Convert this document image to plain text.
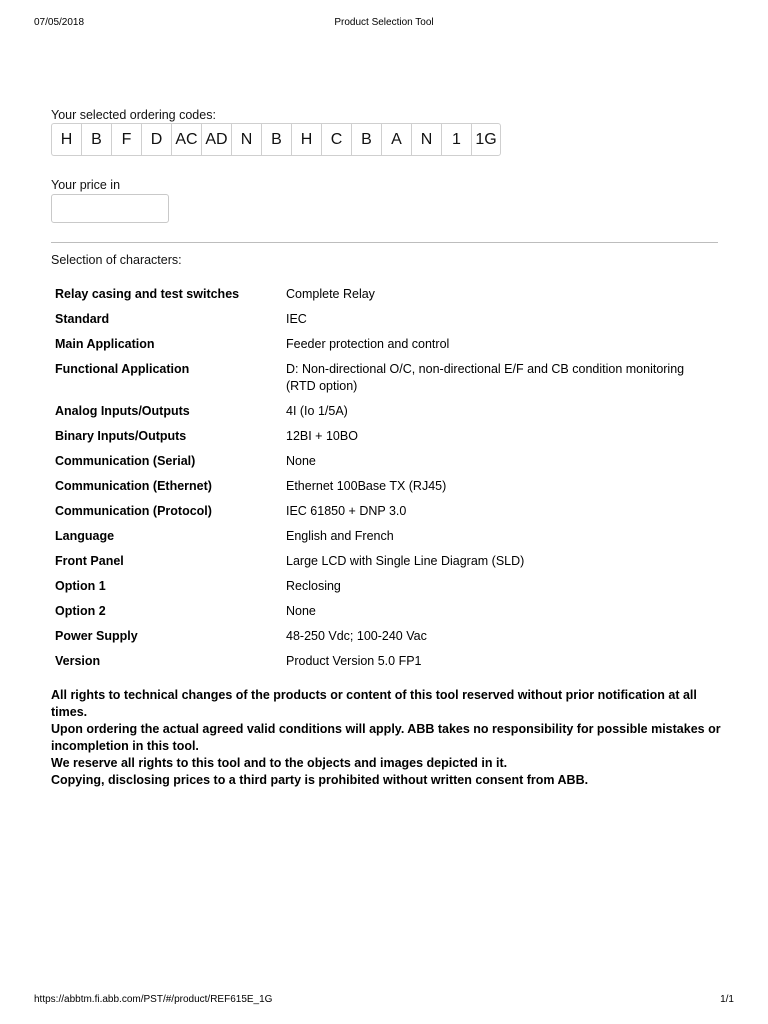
07/05/2018	Product Selection Tool
Your selected ordering codes:
H	B	F	D AC AD N	B	H	C	B	A	N	1 1G
Your price in
Selection of characters:
Relay casing and test switches	Complete Relay
Standard	IEC
Main Application	Feeder protection and control
Functional Application	D: Non-directional O/C, non-directional E/F and CB condition monitoring (RTD option)
Analog Inputs/Outputs	4I (Io 1/5A)
Binary Inputs/Outputs	12BI + 10BO
Communication (Serial)	None
Communication (Ethernet)	Ethernet 100Base TX (RJ45)
Communication (Protocol)	IEC 61850 + DNP 3.0
Language	English and French
Front Panel	Large LCD with Single Line Diagram (SLD)
Option 1	Reclosing
Option 2	None
Power Supply	48-250 Vdc; 100-240 Vac
Version	Product Version 5.0 FP1

All rights to technical changes of the products or content of this tool reserved without prior notification at all times.

Upon ordering the actual agreed valid conditions will apply. ABB takes no responsibility for possible mistakes or incompletion in this tool.

We reserve all rights to this tool and to the objects and images depicted in it.

Copying, disclosing prices to a third party is prohibited without written consent from ABB.

https://abbtm.fi.abb.com/PST/#/product/REF615E_1G	1/1
